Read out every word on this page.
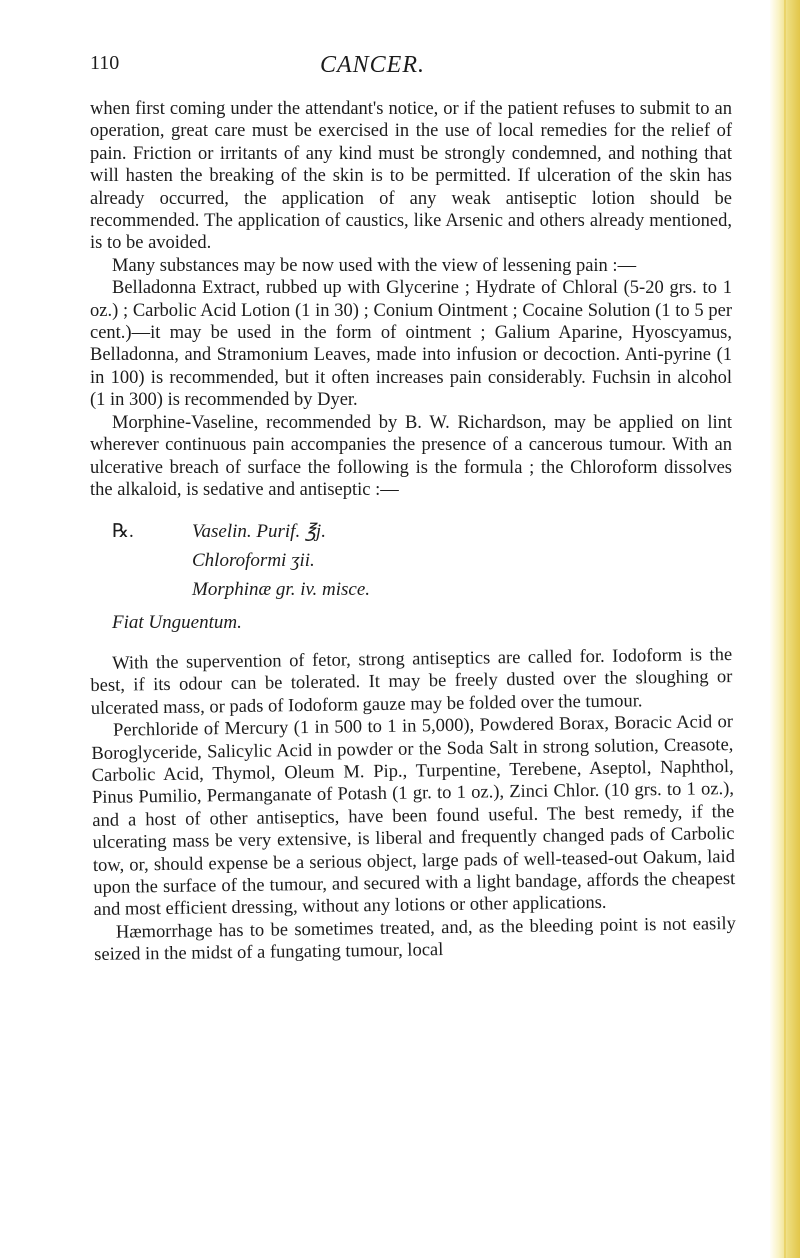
110	CANCER.

when first coming under the attendant's notice, or if the patient refuses to submit to an operation, great care must be exercised in the use of local remedies for the relief of pain. Friction or irritants of any kind must be strongly condemned, and nothing that will hasten the breaking of the skin is to be permitted. If ulceration of the skin has already occurred, the application of any weak antiseptic lotion should be recommended. The application of caustics, like Arsenic and others already mentioned, is to be avoided.

Many substances may be now used with the view of lessening pain :—

Belladonna Extract, rubbed up with Glycerine ; Hydrate of Chloral (5-20 grs. to 1 oz.) ; Carbolic Acid Lotion (1 in 30) ; Conium Ointment ; Cocaine Solution (1 to 5 per cent.)—it may be used in the form of ointment ; Galium Aparine, Hyoscyamus, Belladonna, and Stramonium Leaves, made into infusion or decoction. Anti-pyrine (1 in 100) is recommended, but it often increases pain considerably. Fuchsin in alcohol (1 in 300) is recommended by Dyer.

Morphine-Vaseline, recommended by B. W. Richardson, may be applied on lint wherever continuous pain accompanies the presence of a cancerous tumour. With an ulcerative breach of surface the following is the formula ; the Chloroform dissolves the alkaloid, is sedative and antiseptic :—

℞.	Vaselin. Purif. ℥j.
Chloroformi ʒii.
Morphinæ gr. iv. misce.
Fiat Unguentum.

With the supervention of fetor, strong antiseptics are called for. Iodoform is the best, if its odour can be tolerated. It may be freely dusted over the sloughing or ulcerated mass, or pads of Iodoform gauze may be folded over the tumour.

Perchloride of Mercury (1 in 500 to 1 in 5,000), Powdered Borax, Boracic Acid or Boroglyceride, Salicylic Acid in powder or the Soda Salt in strong solution, Creasote, Carbolic Acid, Thymol, Oleum M. Pip., Turpentine, Terebene, Aseptol, Naphthol, Pinus Pumilio, Permanganate of Potash (1 gr. to 1 oz.), Zinci Chlor. (10 grs. to 1 oz.), and a host of other antiseptics, have been found useful. The best remedy, if the ulcerating mass be very extensive, is liberal and frequently changed pads of Carbolic tow, or, should expense be a serious object, large pads of well-teased-out Oakum, laid upon the surface of the tumour, and secured with a light bandage, affords the cheapest and most efficient dressing, without any lotions or other applications.

Hæmorrhage has to be sometimes treated, and, as the bleeding point is not easily seized in the midst of a fungating tumour, local
